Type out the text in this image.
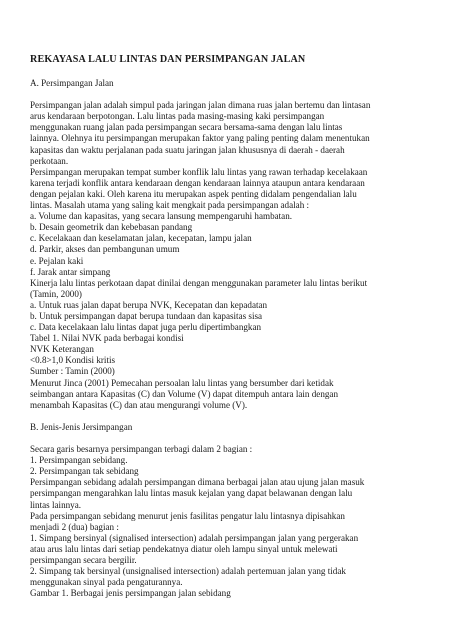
REKAYASA LALU LINTAS DAN PERSIMPANGAN JALAN
A. Persimpangan Jalan
Persimpangan jalan adalah simpul pada jaringan jalan dimana ruas jalan bertemu dan lintasan
arus kendaraan berpotongan. Lalu lintas pada masing-masing kaki persimpangan
menggunakan ruang jalan pada persimpangan secara bersama-sama dengan lalu lintas
lainnya. Olehnya itu persimpangan merupakan faktor yang paling penting dalam menentukan
kapasitas dan waktu perjalanan pada suatu jaringan jalan khususnya di daerah - daerah
perkotaan.
Persimpangan merupakan tempat sumber konflik lalu lintas yang rawan terhadap kecelakaan
karena terjadi konflik antara kendaraan dengan kendaraan lainnya ataupun antara kendaraan
dengan pejalan kaki. Oleh karena itu merupakan aspek penting didalam pengendalian lalu
lintas. Masalah utama yang saling kait mengkait pada persimpangan adalah :
a. Volume dan kapasitas, yang secara lansung mempengaruhi hambatan.
b. Desain geometrik dan kebebasan pandang
c. Kecelakaan dan keselamatan jalan, kecepatan, lampu jalan
d. Parkir, akses dan pembangunan umum
e. Pejalan kaki
f. Jarak antar simpang
Kinerja lalu lintas perkotaan dapat dinilai dengan menggunakan parameter lalu lintas berikut
(Tamin, 2000)
a. Untuk ruas jalan dapat berupa NVK, Kecepatan dan kepadatan
b. Untuk persimpangan dapat berupa tundaan dan kapasitas sisa
c. Data kecelakaan lalu lintas dapat juga perlu dipertimbangkan
Tabel 1. Nilai NVK pada berbagai kondisi
NVK Keterangan
<0.8>1,0 Kondisi kritis
Sumber : Tamin (2000)
Menurut Jinca (2001) Pemecahan persoalan lalu lintas yang bersumber dari ketidak
seimbangan antara Kapasitas (C) dan Volume (V) dapat ditempuh antara lain dengan
menambah Kapasitas (C) dan atau mengurangi volume (V).
B. Jenis-Jenis Jersimpangan
Secara garis besarnya persimpangan terbagi dalam 2 bagian :
1. Persimpangan sebidang.
2. Persimpangan tak sebidang
Persimpangan sebidang adalah persimpangan dimana berbagai jalan atau ujung jalan masuk
persimpangan mengarahkan lalu lintas masuk kejalan yang dapat belawanan dengan lalu
lintas lainnya.
Pada persimpangan sebidang menurut jenis fasilitas pengatur lalu lintasnya dipisahkan
menjadi 2 (dua) bagian :
1. Simpang bersinyal (signalised intersection) adalah persimpangan jalan yang pergerakan
atau arus lalu lintas dari setiap pendekatnya diatur oleh lampu sinyal untuk melewati
persimpangan secara bergilir.
2. Simpang tak bersinyal (unsignalised intersection) adalah pertemuan jalan yang tidak
menggunakan sinyal pada pengaturannya.
Gambar 1. Berbagai jenis persimpangan jalan sebidang
